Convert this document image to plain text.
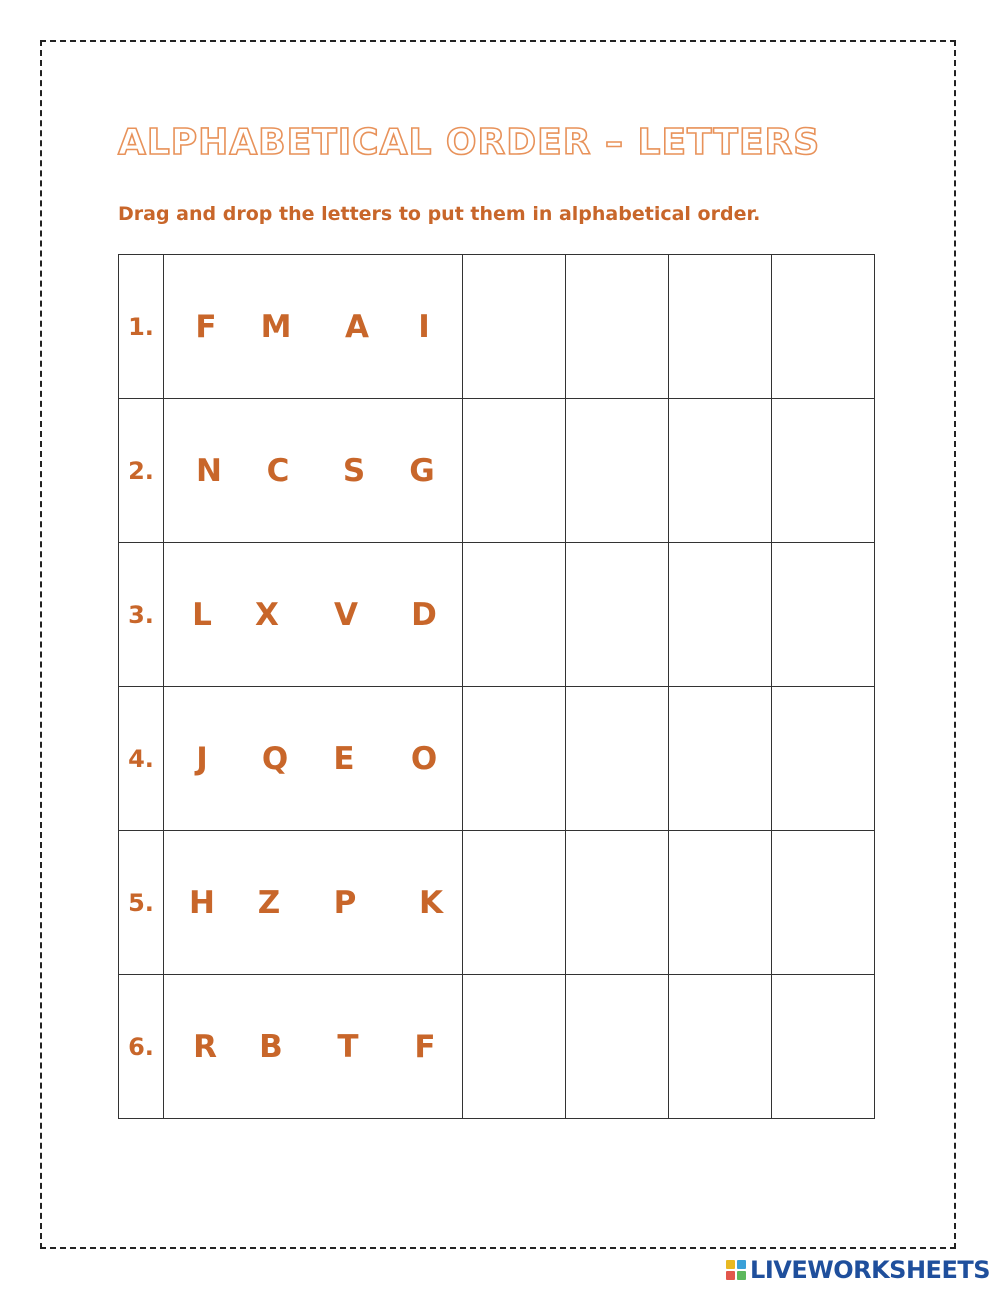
ALPHABETICAL ORDER – LETTERS

Drag and drop the letters to put them in alphabetical order.

1.	F M A I				

2.	N C S G				

3.	L X V D				

4.	J Q E O				

5.	H Z P K				

6.	R B T F				

LIVEWORKSHEETS
